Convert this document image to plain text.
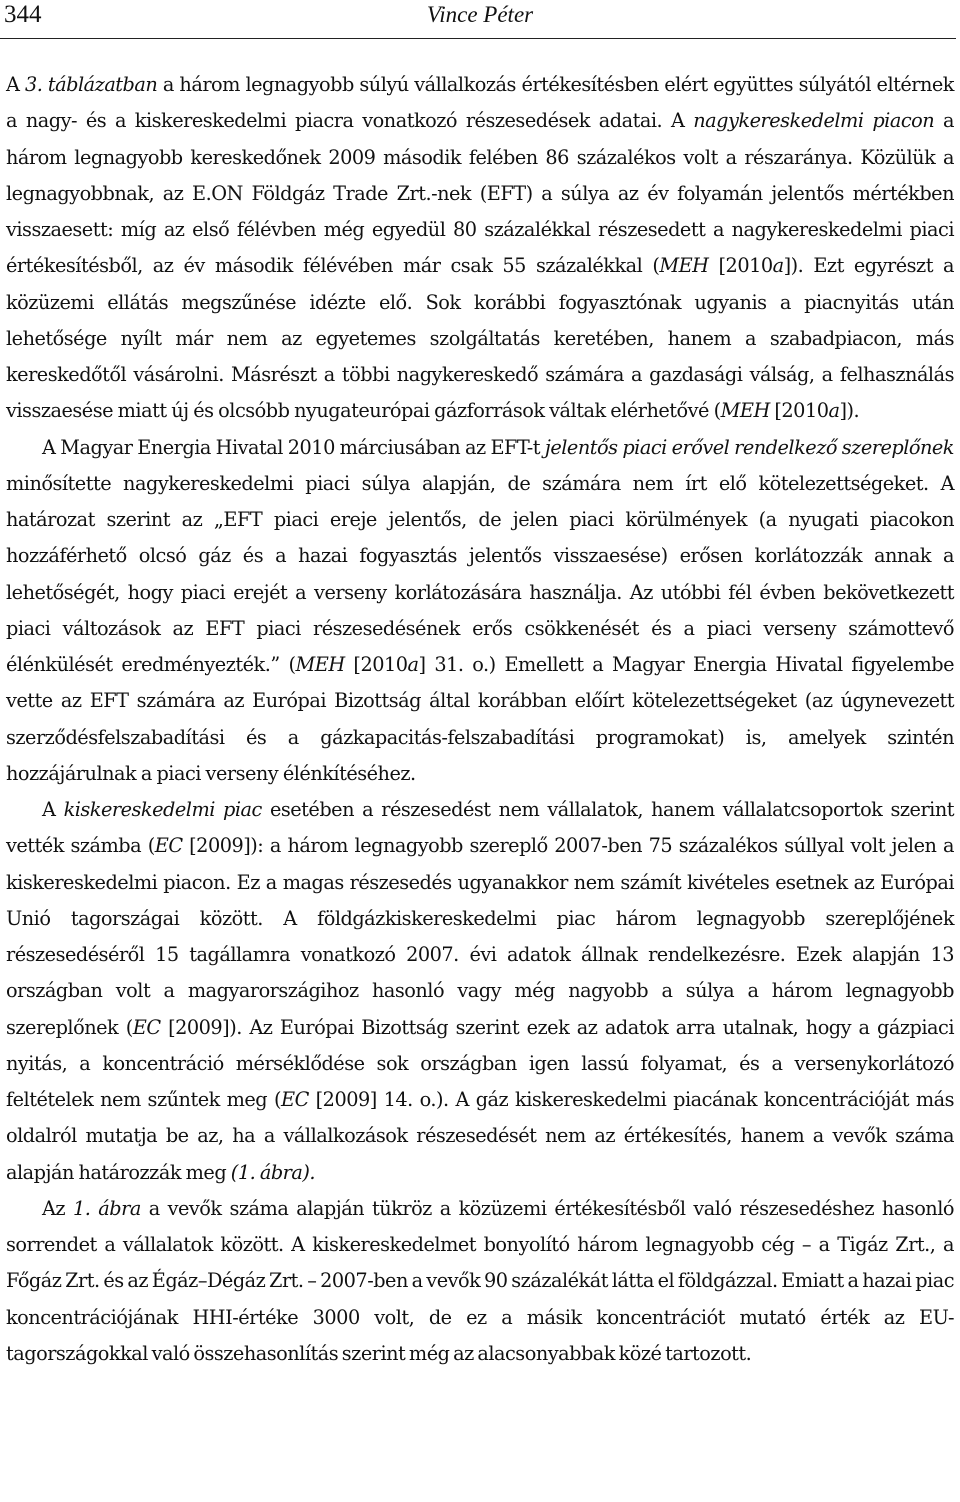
344	Vince Péter

A 3. táblázatban a három legnagyobb súlyú vállalkozás értékesítésben elért együttes súlyától eltérnek a nagy- és a kiskereskedelmi piacra vonatkozó részesedések adatai. A nagykereskedelmi piacon a három legnagyobb kereskedőnek 2009 második felében 86 százalékos volt a részaránya. Közülük a legnagyobbnak, az E.ON Földgáz Trade Zrt.-nek (EFT) a súlya az év folyamán jelentős mértékben visszaesett: míg az első félévben még egyedül 80 százalékkal részesedett a nagykereskedelmi piaci értékesítésből, az év második félévében már csak 55 százalékkal (MEH [2010a]). Ezt egyrészt a közüzemi ellátás megszűnése idézte elő. Sok korábbi fogyasztónak ugyanis a piacnyitás után lehetősége nyílt már nem az egyetemes szolgáltatás keretében, hanem a szabadpiacon, más kereskedőtől vásárolni. Másrészt a többi nagykereskedő számára a gazdasági válság, a felhasználás visszaesése miatt új és olcsóbb nyugateurópai gázforrások váltak elérhetővé (MEH [2010a]).

A Magyar Energia Hivatal 2010 márciusában az EFT-t jelentős piaci erővel rendelkező szereplőnek minősítette nagykereskedelmi piaci súlya alapján, de számára nem írt elő kötelezettségeket. A határozat szerint az „EFT piaci ereje jelentős, de jelen piaci körülmények (a nyugati piacokon hozzáférhető olcsó gáz és a hazai fogyasztás jelentős visszaesése) erősen korlátozzák annak a lehetőségét, hogy piaci erejét a verseny korlátozására használja. Az utóbbi fél évben bekövetkezett piaci változások az EFT piaci részesedésének erős csökkenését és a piaci verseny számottevő élénkülését eredményezték.” (MEH [2010a] 31. o.) Emellett a Magyar Energia Hivatal figyelembe vette az EFT számára az Európai Bizottság által korábban előírt kötelezettségeket (az úgynevezett szerződésfelszabadítási és a gázkapacitás-felszabadítási programokat) is, amelyek szintén hozzájárulnak a piaci verseny élénkítéséhez.

A kiskereskedelmi piac esetében a részesedést nem vállalatok, hanem vállalatcsoportok szerint vették számba (EC [2009]): a három legnagyobb szereplő 2007-ben 75 százalékos súllyal volt jelen a kiskereskedelmi piacon. Ez a magas részesedés ugyanakkor nem számít kivételes esetnek az Európai Unió tagországai között. A földgázkiskereskedelmi piac három legnagyobb szereplőjének részesedéséről 15 tagállamra vonatkozó 2007. évi adatok állnak rendelkezésre. Ezek alapján 13 országban volt a magyarországihoz hasonló vagy még nagyobb a súlya a három legnagyobb szereplőnek (EC [2009]). Az Európai Bizottság szerint ezek az adatok arra utalnak, hogy a gázpiaci nyitás, a koncentráció mérséklődése sok országban igen lassú folyamat, és a versenykorlátozó feltételek nem szűntek meg (EC [2009] 14. o.). A gáz kiskereskedelmi piacának koncentrációját más oldalról mutatja be az, ha a vállalkozások részesedését nem az értékesítés, hanem a vevők száma alapján határozzák meg (1. ábra).

Az 1. ábra a vevők száma alapján tükröz a közüzemi értékesítésből való részesedéshez hasonló sorrendet a vállalatok között. A kiskereskedelmet bonyolító három legnagyobb cég – a Tigáz Zrt., a Főgáz Zrt. és az Égáz–Dégáz Zrt. – 2007-ben a vevők 90 százalékát látta el földgázzal. Emiatt a hazai piac koncentrációjának HHI-értéke 3000 volt, de ez a másik koncentrációt mutató érték az EU-tagországokkal való összehasonlítás szerint még az alacsonyabbak közé tartozott.
